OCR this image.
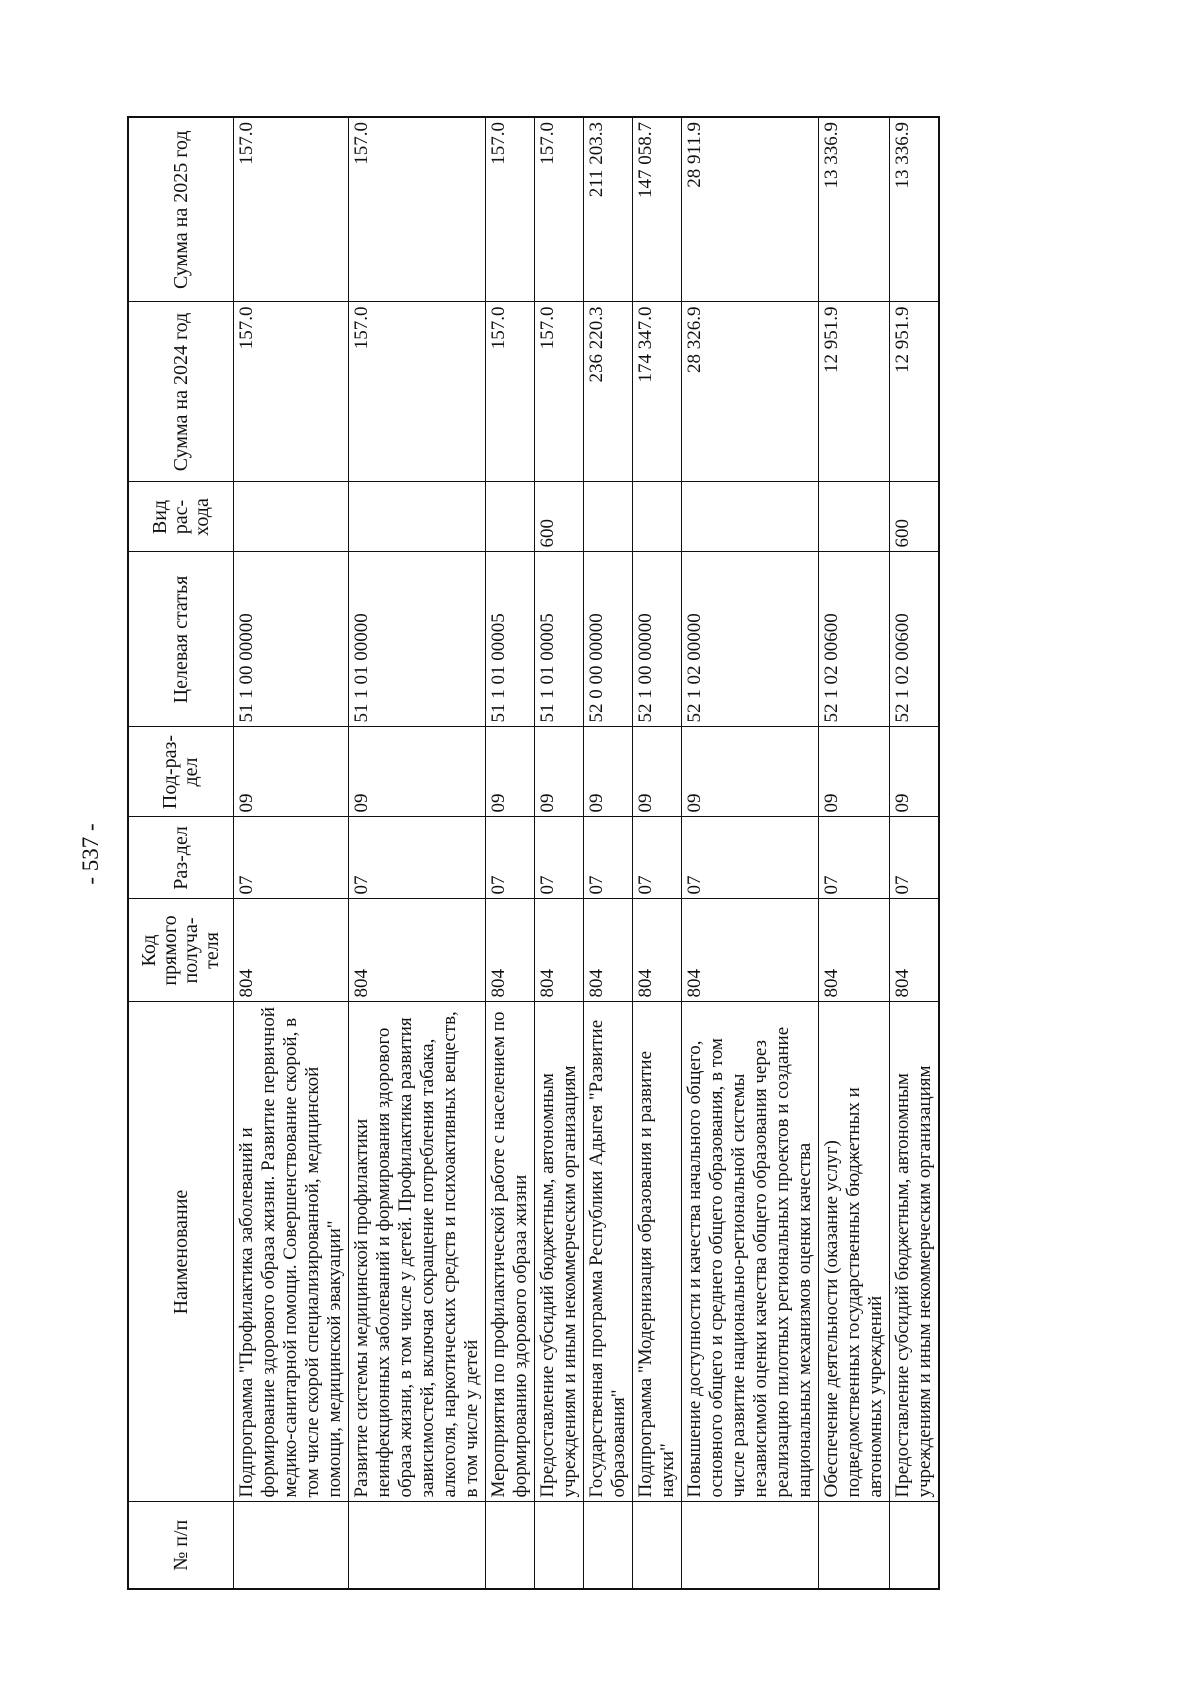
- 537 -
№ п/п	Наименование	Код прямого получа-теля	Раз-дел	Под-раз-дел	Целевая статья	Вид рас-хода	Сумма на 2024 год	Сумма на 2025 год
	Подпрограмма "Профилактика заболеваний и формирование здорового образа жизни. Развитие первичной медико-санитарной помощи. Совершенствование скорой, в том числе скорой специализированной, медицинской помощи, медицинской эвакуации"	804	07	09	51 1 00 00000		157.0	157.0
	Развитие системы медицинской профилактики неинфекционных заболеваний и формирования здорового образа жизни, в том числе у детей. Профилактика развития зависимостей, включая сокращение потребления табака, алкоголя, наркотических средств и психоактивных веществ, в том числе у детей	804	07	09	51 1 01 00000		157.0	157.0
	Мероприятия по профилактической работе с населением по формированию здорового образа жизни	804	07	09	51 1 01 00005		157.0	157.0
	Предоставление субсидий бюджетным, автономным учреждениям и иным некоммерческим организациям	804	07	09	51 1 01 00005	600	157.0	157.0
	Государственная программа Республики Адыгея "Развитие образования"	804	07	09	52 0 00 00000		236 220.3	211 203.3
	Подпрограмма "Модернизация образования и развитие науки"	804	07	09	52 1 00 00000		174 347.0	147 058.7
	Повышение доступности и качества начального общего, основного общего и среднего общего образования, в том числе развитие национально-региональной системы независимой оценки качества общего образования через реализацию пилотных региональных проектов и создание национальных механизмов оценки качества	804	07	09	52 1 02 00000		28 326.9	28 911.9
	Обеспечение деятельности (оказание услуг) подведомственных государственных бюджетных и автономных учреждений	804	07	09	52 1 02 00600		12 951.9	13 336.9
	Предоставление субсидий бюджетным, автономным учреждениям и иным некоммерческим организациям	804	07	09	52 1 02 00600	600	12 951.9	13 336.9
